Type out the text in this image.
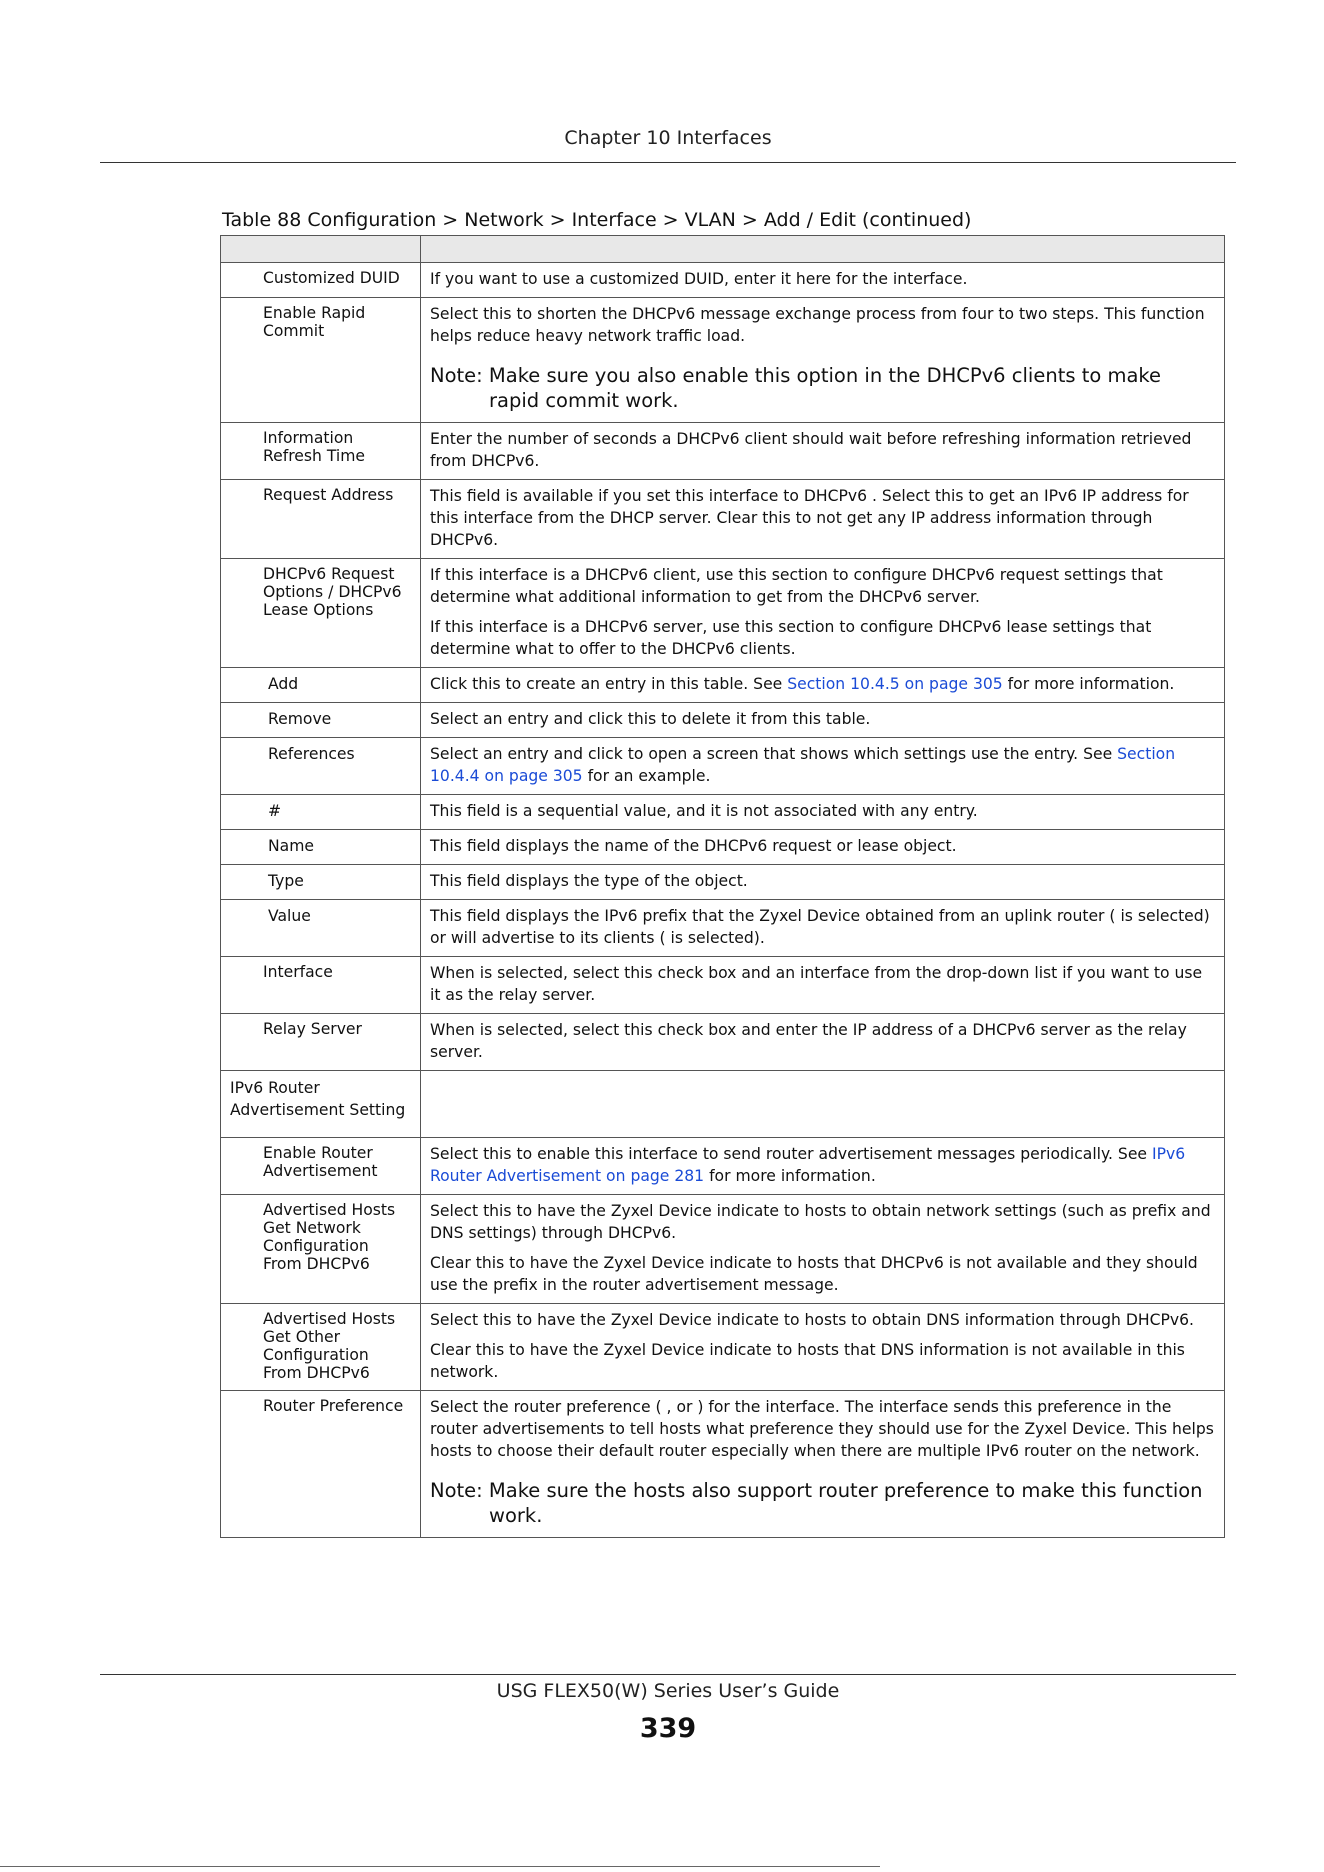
Chapter 10 Interfaces
Table 88 Configuration > Network > Interface > VLAN > Add / Edit (continued)

Customized DUID	If you want to use a customized DUID, enter it here for the interface.

Enable Rapid Commit	Select this to shorten the DHCPv6 message exchange process from four to two steps. This function helps reduce heavy network traffic load.

Note: Make sure you also enable this option in the DHCPv6 clients to make rapid commit work.

Information Refresh Time	Enter the number of seconds a DHCPv6 client should wait before refreshing information retrieved from DHCPv6.

Request Address	This field is available if you set this interface to DHCPv6 . Select this to get an IPv6 IP address for this interface from the DHCP server. Clear this to not get any IP address information through DHCPv6.

DHCPv6 Request Options / DHCPv6 Lease Options	If this interface is a DHCPv6 client, use this section to configure DHCPv6 request settings that determine what additional information to get from the DHCPv6 server.

If this interface is a DHCPv6 server, use this section to configure DHCPv6 lease settings that determine what to offer to the DHCPv6 clients.

Add	Click this to create an entry in this table. See Section 10.4.5 on page 305 for more information.

Remove	Select an entry and click this to delete it from this table.

References	Select an entry and click to open a screen that shows which settings use the entry. See Section 10.4.4 on page 305 for an example.

#	This field is a sequential value, and it is not associated with any entry.

Name	This field displays the name of the DHCPv6 request or lease object.

Type	This field displays the type of the object.

Value	This field displays the IPv6 prefix that the Zyxel Device obtained from an uplink router ( is selected) or will advertise to its clients ( is selected).

Interface	When is selected, select this check box and an interface from the drop-down list if you want to use it as the relay server.

Relay Server	When is selected, select this check box and enter the IP address of a DHCPv6 server as the relay server.

IPv6 Router Advertisement Setting	

Enable Router Advertisement	Select this to enable this interface to send router advertisement messages periodically. See IPv6 Router Advertisement on page 281 for more information.

Advertised Hosts Get Network Configuration From DHCPv6	Select this to have the Zyxel Device indicate to hosts to obtain network settings (such as prefix and DNS settings) through DHCPv6.

Clear this to have the Zyxel Device indicate to hosts that DHCPv6 is not available and they should use the prefix in the router advertisement message.

Advertised Hosts Get Other Configuration From DHCPv6	Select this to have the Zyxel Device indicate to hosts to obtain DNS information through DHCPv6.

Clear this to have the Zyxel Device indicate to hosts that DNS information is not available in this network.

Router Preference	Select the router preference ( , or ) for the interface. The interface sends this preference in the router advertisements to tell hosts what preference they should use for the Zyxel Device. This helps hosts to choose their default router especially when there are multiple IPv6 router on the network.

Note: Make sure the hosts also support router preference to make this function work.

USG FLEX50(W) Series User’s Guide
339
